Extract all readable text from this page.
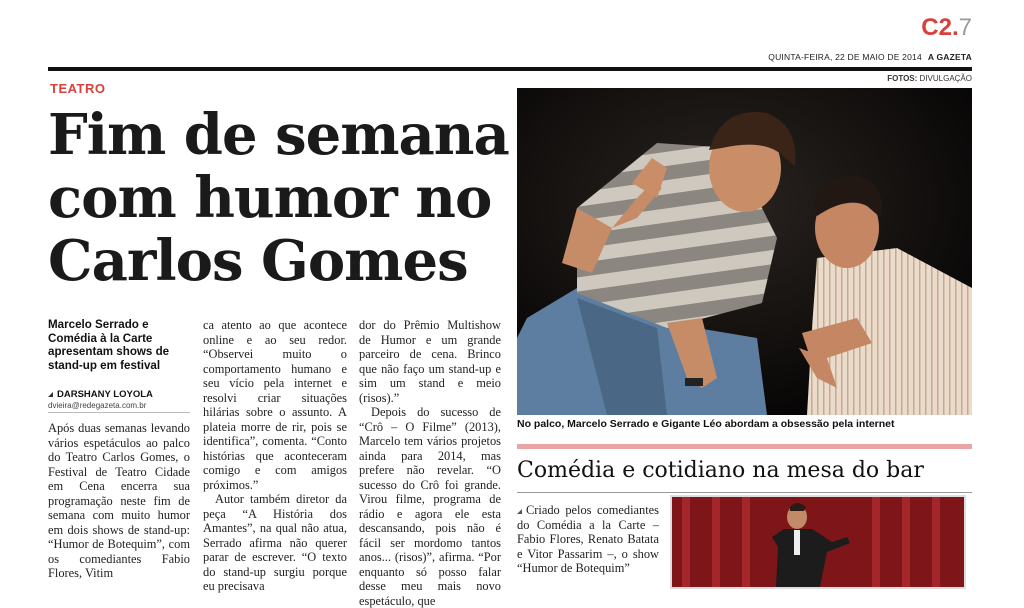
C2.7
QUINTA-FEIRA, 22 DE MAIO DE 2014 A GAZETA
FOTOS: DIVULGAÇÃO
TEATRO
Fim de semana com humor no Carlos Gomes
Marcelo Serrado e Comédia à la Carte apresentam shows de stand-up em festival
DARSHANY LOYOLA
dvieira@redegazeta.com.br

Após duas semanas levando vários espetáculos ao palco do Teatro Carlos Gomes, o Festival de Teatro Cidade em Cena encerra sua programação neste fim de semana com muito humor em dois shows de stand-up: “Humor de Botequim”, com os comediantes Fabio Flores, Vitim

ca atento ao que acontece online e ao seu redor. “Observei muito o comportamento humano e seu vício pela internet e resolvi criar situações hilárias sobre o assunto. A plateia morre de rir, pois se identifica”, comenta. “Conto histórias que aconteceram comigo e com amigos próximos.”

Autor também diretor da peça “A História dos Amantes”, na qual não atua, Serrado afirma não querer parar de escrever. “O texto do stand-up surgiu porque eu precisava

dor do Prêmio Multishow de Humor e um grande parceiro de cena. Brinco que não faço um stand-up e sim um stand e meio (risos).”

Depois do sucesso de “Crô – O Filme” (2013), Marcelo tem vários projetos ainda para 2014, mas prefere não revelar. “O sucesso do Crô foi grande. Virou filme, programa de rádio e agora ele esta descansando, pois não é fácil ser mordomo tantos anos... (risos)”, afirma. “Por enquanto só posso falar desse meu mais novo espetáculo, que

No palco, Marcelo Serrado e Gigante Léo abordam a obsessão pela internet
Comédia e cotidiano na mesa do bar

Criado pelos comediantes do Comédia a la Carte – Fabio Flores, Renato Batata e Vitor Passarim –, o show “Humor de Botequim”
